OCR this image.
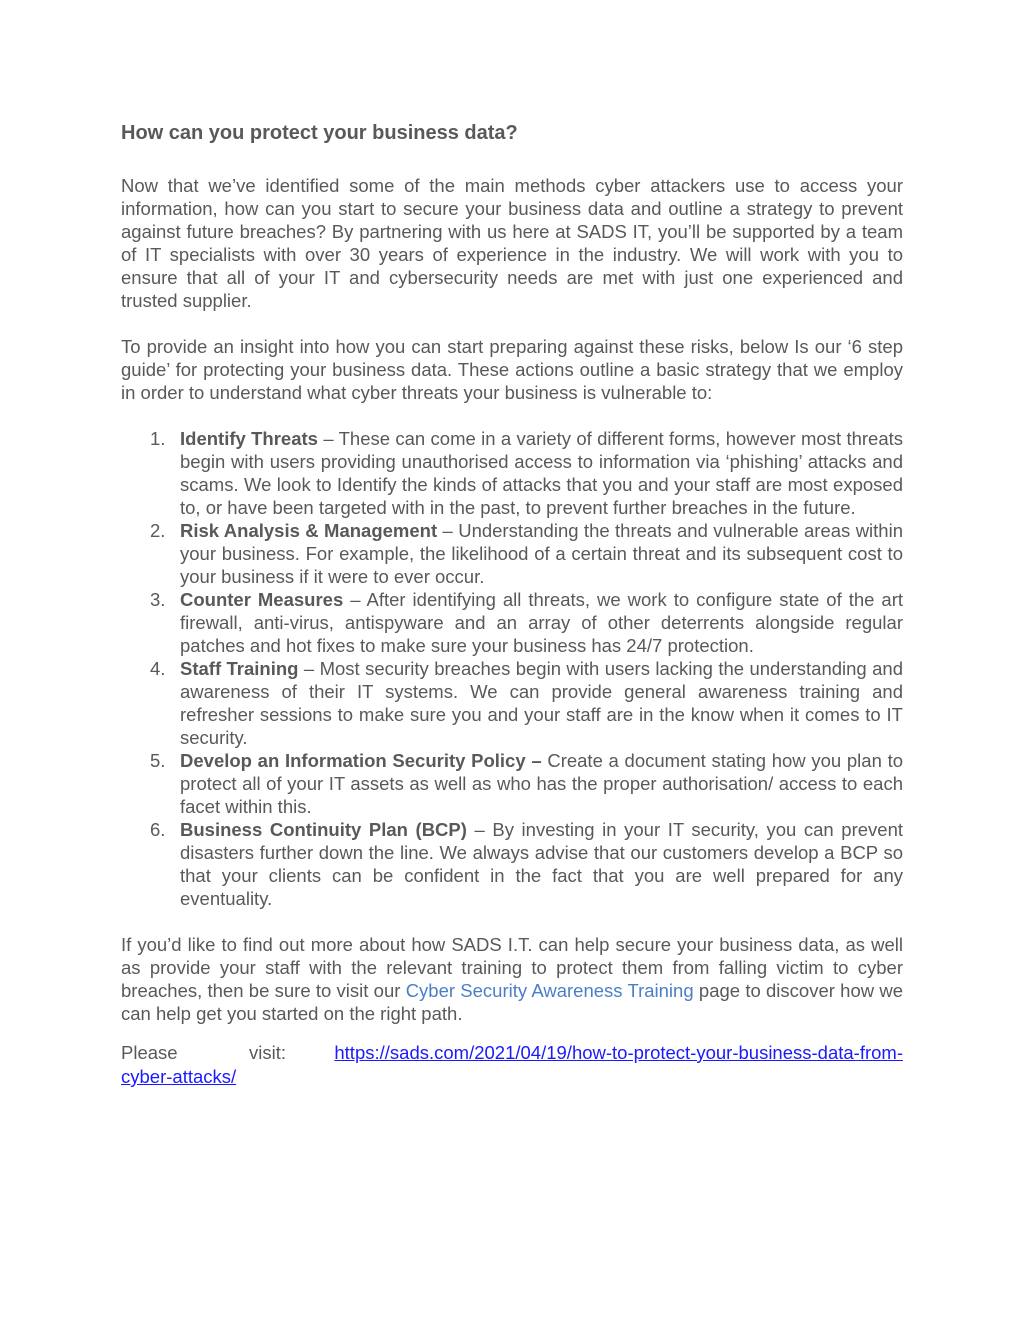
How can you protect your business data?

Now that we’ve identified some of the main methods cyber attackers use to access your information, how can you start to secure your business data and outline a strategy to prevent against future breaches? By partnering with us here at SADS IT, you’ll be supported by a team of IT specialists with over 30 years of experience in the industry. We will work with you to ensure that all of your IT and cybersecurity needs are met with just one experienced and trusted supplier.

To provide an insight into how you can start preparing against these risks, below Is our ‘6 step guide’ for protecting your business data. These actions outline a basic strategy that we employ in order to understand what cyber threats your business is vulnerable to:

1. Identify Threats – These can come in a variety of different forms, however most threats begin with users providing unauthorised access to information via ‘phishing’ attacks and scams. We look to Identify the kinds of attacks that you and your staff are most exposed to, or have been targeted with in the past, to prevent further breaches in the future.
2. Risk Analysis & Management – Understanding the threats and vulnerable areas within your business. For example, the likelihood of a certain threat and its subsequent cost to your business if it were to ever occur.
3. Counter Measures – After identifying all threats, we work to configure state of the art firewall, anti-virus, antispyware and an array of other deterrents alongside regular patches and hot fixes to make sure your business has 24/7 protection.
4. Staff Training – Most security breaches begin with users lacking the understanding and awareness of their IT systems. We can provide general awareness training and refresher sessions to make sure you and your staff are in the know when it comes to IT security.
5. Develop an Information Security Policy – Create a document stating how you plan to protect all of your IT assets as well as who has the proper authorisation/ access to each facet within this.
6. Business Continuity Plan (BCP) – By investing in your IT security, you can prevent disasters further down the line. We always advise that our customers develop a BCP so that your clients can be confident in the fact that you are well prepared for any eventuality.

If you’d like to find out more about how SADS I.T. can help secure your business data, as well as provide your staff with the relevant training to protect them from falling victim to cyber breaches, then be sure to visit our Cyber Security Awareness Training page to discover how we can help get you started on the right path.

Please	visit:	https://sads.com/2021/04/19/how-to-protect-your-business-data-from-
cyber-attacks/
